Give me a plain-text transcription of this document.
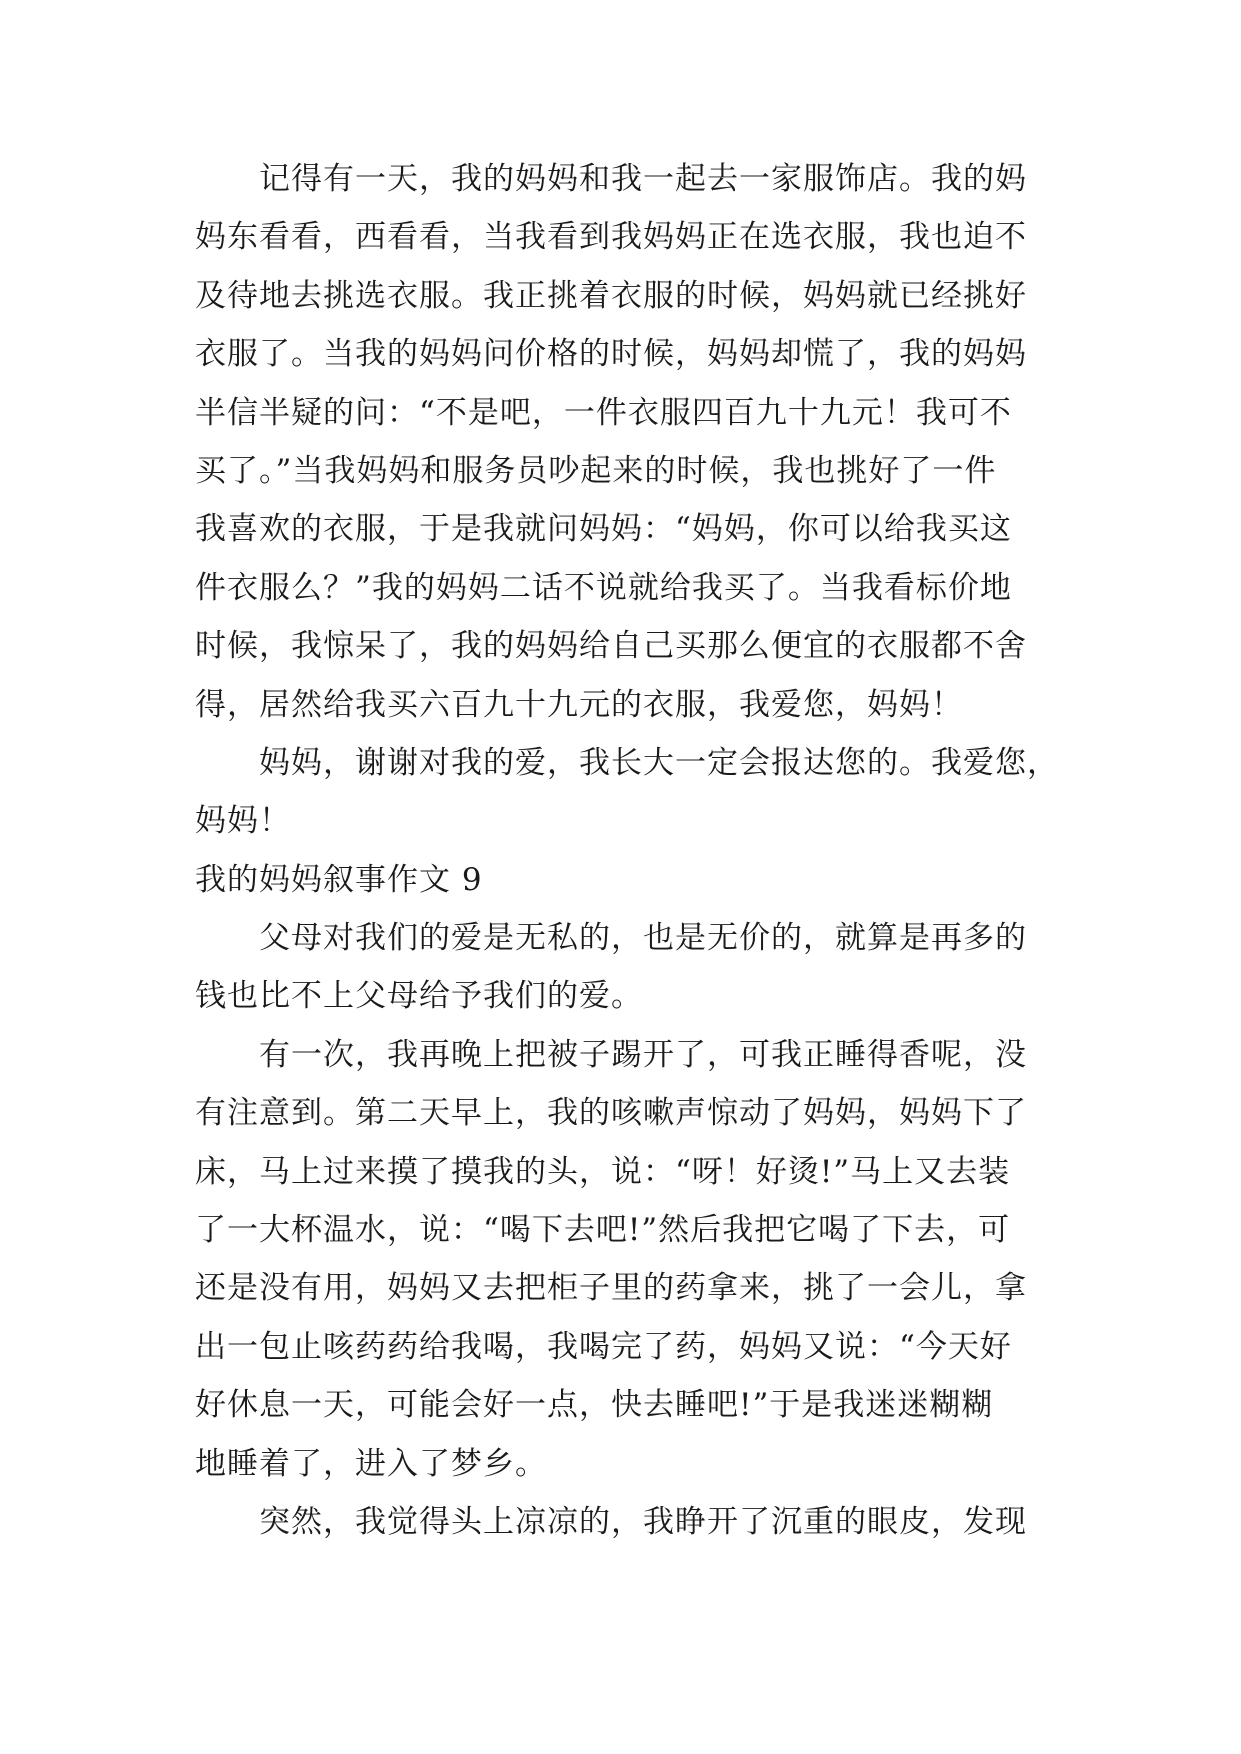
记得有一天，我的妈妈和我一起去一家服饰店。我的妈
妈东看看，西看看，当我看到我妈妈正在选衣服，我也迫不
及待地去挑选衣服。我正挑着衣服的时候，妈妈就已经挑好
衣服了。当我的妈妈问价格的时候，妈妈却慌了，我的妈妈
半信半疑的问：“不是吧，一件衣服四百九十九元！我可不
买了。”当我妈妈和服务员吵起来的时候，我也挑好了一件
我喜欢的衣服，于是我就问妈妈：“妈妈，你可以给我买这
件衣服么？”我的妈妈二话不说就给我买了。当我看标价地
时候，我惊呆了，我的妈妈给自己买那么便宜的衣服都不舍
得，居然给我买六百九十九元的衣服，我爱您，妈妈！
妈妈，谢谢对我的爱，我长大一定会报达您的。我爱您，
妈妈！
我的妈妈叙事作文 9
父母对我们的爱是无私的，也是无价的，就算是再多的
钱也比不上父母给予我们的爱。
有一次，我再晚上把被子踢开了，可我正睡得香呢，没
有注意到。第二天早上，我的咳嗽声惊动了妈妈，妈妈下了
床，马上过来摸了摸我的头，说：“呀！好烫!”马上又去装
了一大杯温水，说：“喝下去吧!”然后我把它喝了下去，可
还是没有用，妈妈又去把柜子里的药拿来，挑了一会儿，拿
出一包止咳药药给我喝，我喝完了药，妈妈又说：“今天好
好休息一天，可能会好一点，快去睡吧!”于是我迷迷糊糊
地睡着了，进入了梦乡。
突然，我觉得头上凉凉的，我睁开了沉重的眼皮，发现
